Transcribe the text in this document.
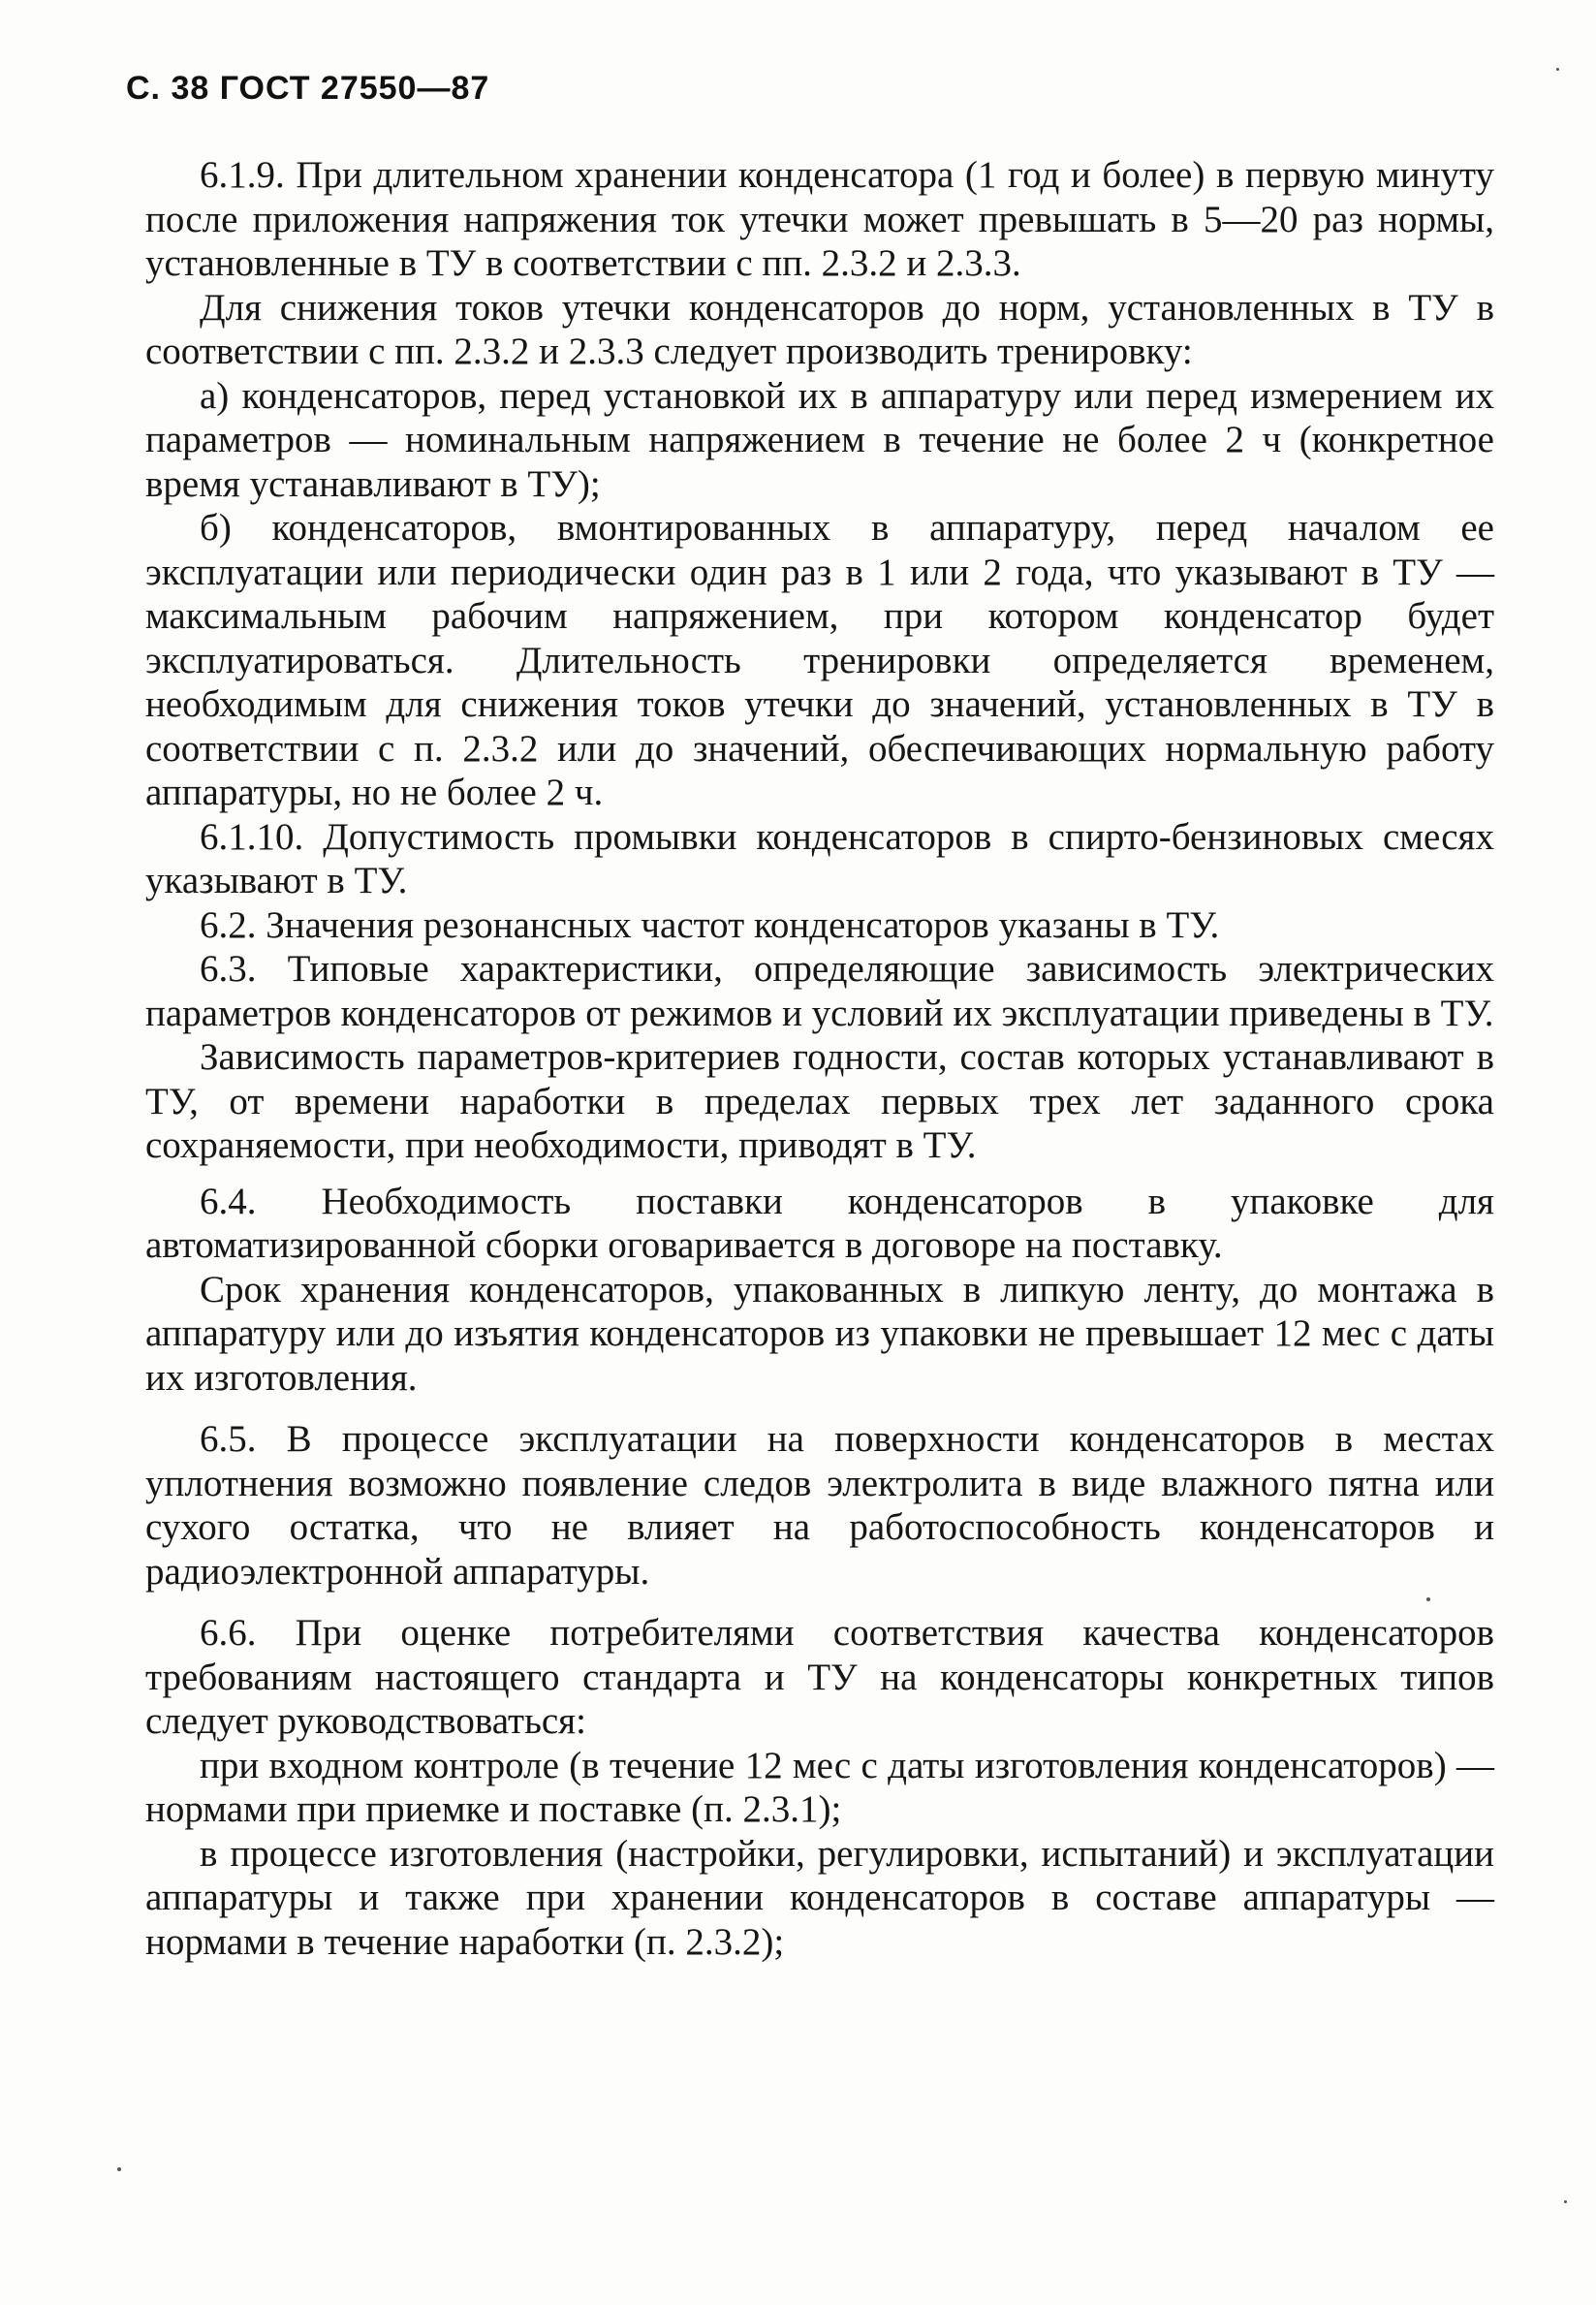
С. 38 ГОСТ 27550—87

6.1.9. При длительном хранении конденсатора (1 год и более) в первую минуту после приложения напряжения ток утечки может превышать в 5—20 раз нормы, установленные в ТУ в соответствии с пп. 2.3.2 и 2.3.3.

Для снижения токов утечки конденсаторов до норм, установленных в ТУ в соответствии с пп. 2.3.2 и 2.3.3 следует производить тренировку:

а) конденсаторов, перед установкой их в аппаратуру или перед измерением их параметров — номинальным напряжением в течение не более 2 ч (конкретное время устанавливают в ТУ);

б) конденсаторов, вмонтированных в аппаратуру, перед началом ее эксплуатации или периодически один раз в 1 или 2 года, что указывают в ТУ — максимальным рабочим напряжением, при котором конденсатор будет эксплуатироваться. Длительность тренировки определяется временем, необходимым для снижения токов утечки до значений, установленных в ТУ в соответствии с п. 2.3.2 или до значений, обеспечивающих нормальную работу аппаратуры, но не более 2 ч.

6.1.10. Допустимость промывки конденсаторов в спирто-бензиновых смесях указывают в ТУ.

6.2. Значения резонансных частот конденсаторов указаны в ТУ.

6.3. Типовые характеристики, определяющие зависимость электрических параметров конденсаторов от режимов и условий их эксплуатации приведены в ТУ.

Зависимость параметров-критериев годности, состав которых устанавливают в ТУ, от времени наработки в пределах первых трех лет заданного срока сохраняемости, при необходимости, приводят в ТУ.

6.4. Необходимость поставки конденсаторов в упаковке для автоматизированной сборки оговаривается в договоре на поставку.

Срок хранения конденсаторов, упакованных в липкую ленту, до монтажа в аппаратуру или до изъятия конденсаторов из упаковки не превышает 12 мес с даты их изготовления.

6.5. В процессе эксплуатации на поверхности конденсаторов в местах уплотнения возможно появление следов электролита в виде влажного пятна или сухого остатка, что не влияет на работоспособность конденсаторов и радиоэлектронной аппаратуры.

6.6. При оценке потребителями соответствия качества конденсаторов требованиям настоящего стандарта и ТУ на конденсаторы конкретных типов следует руководствоваться:

при входном контроле (в течение 12 мес с даты изготовления конденсаторов) — нормами при приемке и поставке (п. 2.3.1);

в процессе изготовления (настройки, регулировки, испытаний) и эксплуатации аппаратуры и также при хранении конденсаторов в составе аппаратуры — нормами в течение наработки (п. 2.3.2);
